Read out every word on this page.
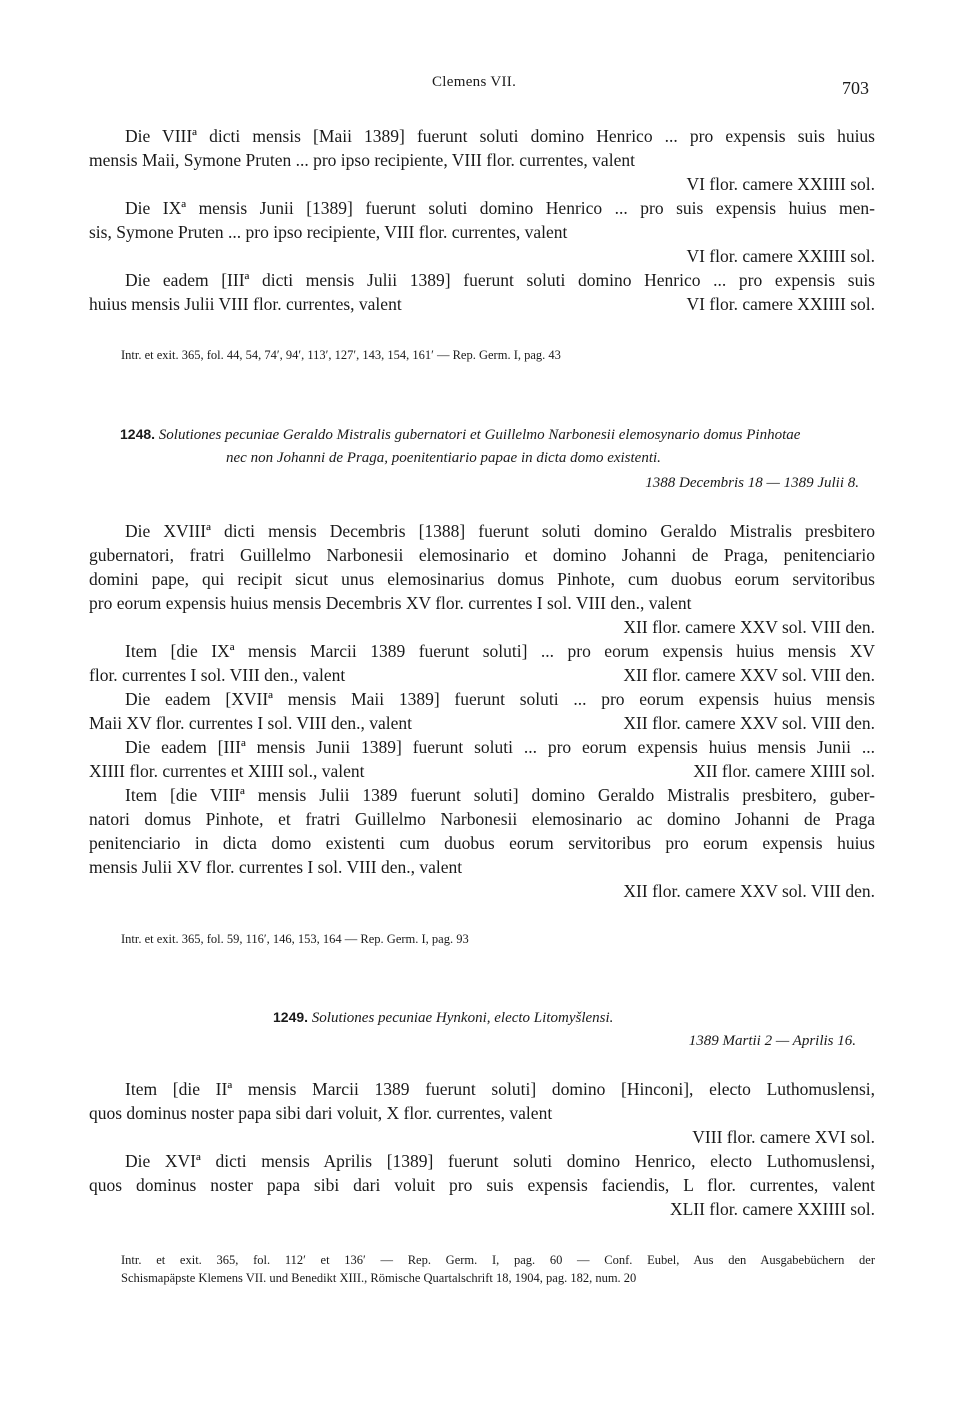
Clemens VII.	703
Die VIIIª dicti mensis [Maii 1389] fuerunt soluti domino Henrico ... pro expensis suis huius
mensis Maii, Symone Pruten ... pro ipso recipiente, VIII flor. currentes, valent
VI flor. camere XXIIII sol.
Die IXª mensis Junii [1389] fuerunt soluti domino Henrico ... pro suis expensis huius men-
sis, Symone Pruten ... pro ipso recipiente, VIII flor. currentes, valent
VI flor. camere XXIIII sol.
Die eadem [IIIª dicti mensis Julii 1389] fuerunt soluti domino Henrico ... pro expensis suis
huius mensis Julii VIII flor. currentes, valent	VI flor. camere XXIIII sol.
Intr. et exit. 365, fol. 44, 54, 74′, 94′, 113′, 127′, 143, 154, 161′ — Rep. Germ. I, pag. 43
1248. Solutiones pecuniae Geraldo Mistralis gubernatori et Guillelmo Narbonesii elemosynario domus Pinhotae
nec non Johanni de Praga, poenitentiario papae in dicta domo existenti.
1388 Decembris 18 — 1389 Julii 8.
Die XVIIIª dicti mensis Decembris [1388] fuerunt soluti domino Geraldo Mistralis presbitero
gubernatori, fratri Guillelmo Narbonesii elemosinario et domino Johanni de Praga, penitenciario
domini pape, qui recipit sicut unus elemosinarius domus Pinhote, cum duobus eorum servitoribus
pro eorum expensis huius mensis Decembris XV flor. currentes I sol. VIII den., valent
XII flor. camere XXV sol. VIII den.
Item [die IXª mensis Marcii 1389 fuerunt soluti] ... pro eorum expensis huius mensis XV
flor. currentes I sol. VIII den., valent	XII flor. camere XXV sol. VIII den.
Die eadem [XVIIª mensis Maii 1389] fuerunt soluti ... pro eorum expensis huius mensis
Maii XV flor. currentes I sol. VIII den., valent	XII flor. camere XXV sol. VIII den.
Die eadem [IIIª mensis Junii 1389] fuerunt soluti ... pro eorum expensis huius mensis Junii ...
XIIII flor. currentes et XIIII sol., valent	XII flor. camere XIIII sol.
Item [die VIIIª mensis Julii 1389 fuerunt soluti] domino Geraldo Mistralis presbitero, guber-
natori domus Pinhote, et fratri Guillelmo Narbonesii elemosinario ac domino Johanni de Praga
penitenciario in dicta domo existenti cum duobus eorum servitoribus pro eorum expensis huius
mensis Julii XV flor. currentes I sol. VIII den., valent
XII flor. camere XXV sol. VIII den.
Intr. et exit. 365, fol. 59, 116′, 146, 153, 164 — Rep. Germ. I, pag. 93
1249. Solutiones pecuniae Hynkoni, electo Litomyšlensi.
1389 Martii 2 — Aprilis 16.
Item [die IIª mensis Marcii 1389 fuerunt soluti] domino [Hinconi], electo Luthomuslensi,
quos dominus noster papa sibi dari voluit, X flor. currentes, valent
VIII flor. camere XVI sol.
Die XVIª dicti mensis Aprilis [1389] fuerunt soluti domino Henrico, electo Luthomuslensi,
quos dominus noster papa sibi dari voluit pro suis expensis faciendis, L flor. currentes, valent
XLII flor. camere XXIIII sol.
Intr. et exit. 365, fol. 112′ et 136′ — Rep. Germ. I, pag. 60 — Conf. Eubel, Aus den Ausgabebüchern der
Schismapäpste Klemens VII. und Benedikt XIII., Römische Quartalschrift 18, 1904, pag. 182, num. 20
